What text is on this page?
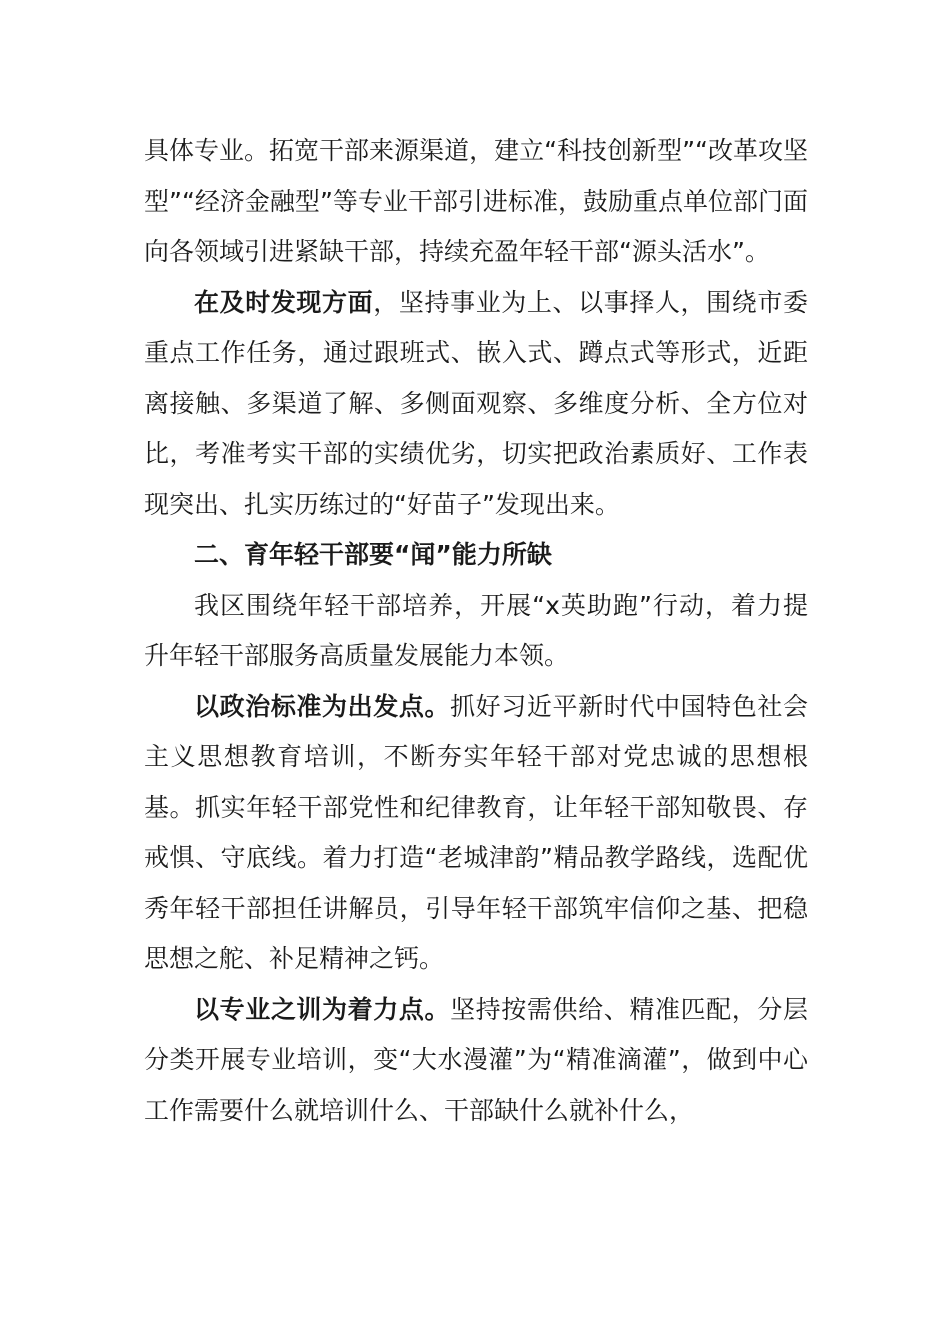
具体专业。拓宽干部来源渠道，建立“科技创新型”“改革攻坚型”“经济金融型”等专业干部引进标准，鼓励重点单位部门面向各领域引进紧缺干部，持续充盈年轻干部“源头活水”。

在及时发现方面，坚持事业为上、以事择人，围绕市委重点工作任务，通过跟班式、嵌入式、蹲点式等形式，近距离接触、多渠道了解、多侧面观察、多维度分析、全方位对比，考准考实干部的实绩优劣，切实把政治素质好、工作表现突出、扎实历练过的“好苗子”发现出来。

二、育年轻干部要“闻”能力所缺

我区围绕年轻干部培养，开展“x英助跑”行动，着力提升年轻干部服务高质量发展能力本领。

以政治标准为出发点。抓好习近平新时代中国特色社会主义思想教育培训，不断夯实年轻干部对党忠诚的思想根基。抓实年轻干部党性和纪律教育，让年轻干部知敬畏、存戒惧、守底线。着力打造“老城津韵”精品教学路线，选配优秀年轻干部担任讲解员，引导年轻干部筑牢信仰之基、把稳思想之舵、补足精神之钙。

以专业之训为着力点。坚持按需供给、精准匹配，分层分类开展专业培训，变“大水漫灌”为“精准滴灌”，做到中心工作需要什么就培训什么、干部缺什么就补什么，
